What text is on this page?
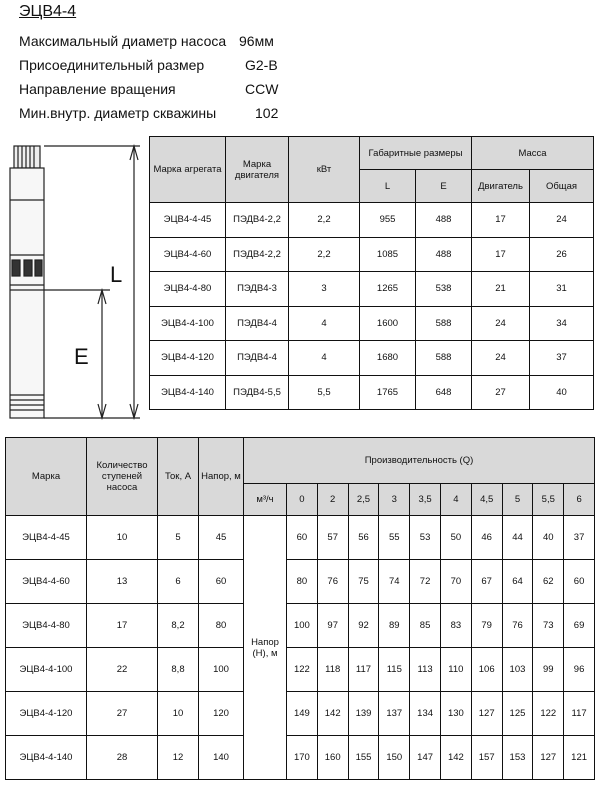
ЭЦВ4-4
Максимальный диаметр насоса 96мм
Присоединительный размер	G2-B
Направление вращения	CCW
Мин.внутр. диаметр скважины	102
L
E
Марка агрегата	Марка двигателя	кВт	Габаритные размеры		Масса	
			L	E	Двигатель	Общая
ЭЦВ4-4-45	ПЭДВ4-2,2	2,2	955	488	17	24
ЭЦВ4-4-60	ПЭДВ4-2,2	2,2	1085	488	17	26
ЭЦВ4-4-80	ПЭДВ4-3	3	1265	538	21	31
ЭЦВ4-4-100	ПЭДВ4-4	4	1600	588	24	34
ЭЦВ4-4-120	ПЭДВ4-4	4	1680	588	24	37
ЭЦВ4-4-140	ПЭДВ4-5,5	5,5	1765	648	27	40
Марка	Количество ступеней насоса	Ток, А	Напор, м	Производительность (Q)										
				м³/ч	0	2	2,5	3	3,5	4	4,5	5	5,5	6
ЭЦВ4-4-45	10	5	45	Напор (Н), м	60	57	56	55	53	50	46	44	40	37
ЭЦВ4-4-60	13	6	60		80	76	75	74	72	70	67	64	62	60
ЭЦВ4-4-80	17	8,2	80		100	97	92	89	85	83	79	76	73	69
ЭЦВ4-4-100	22	8,8	100		122	118	117	115	113	110	106	103	99	96
ЭЦВ4-4-120	27	10	120		149	142	139	137	134	130	127	125	122	117
ЭЦВ4-4-140	28	12	140		170	160	155	150	147	142	157	153	127	121
